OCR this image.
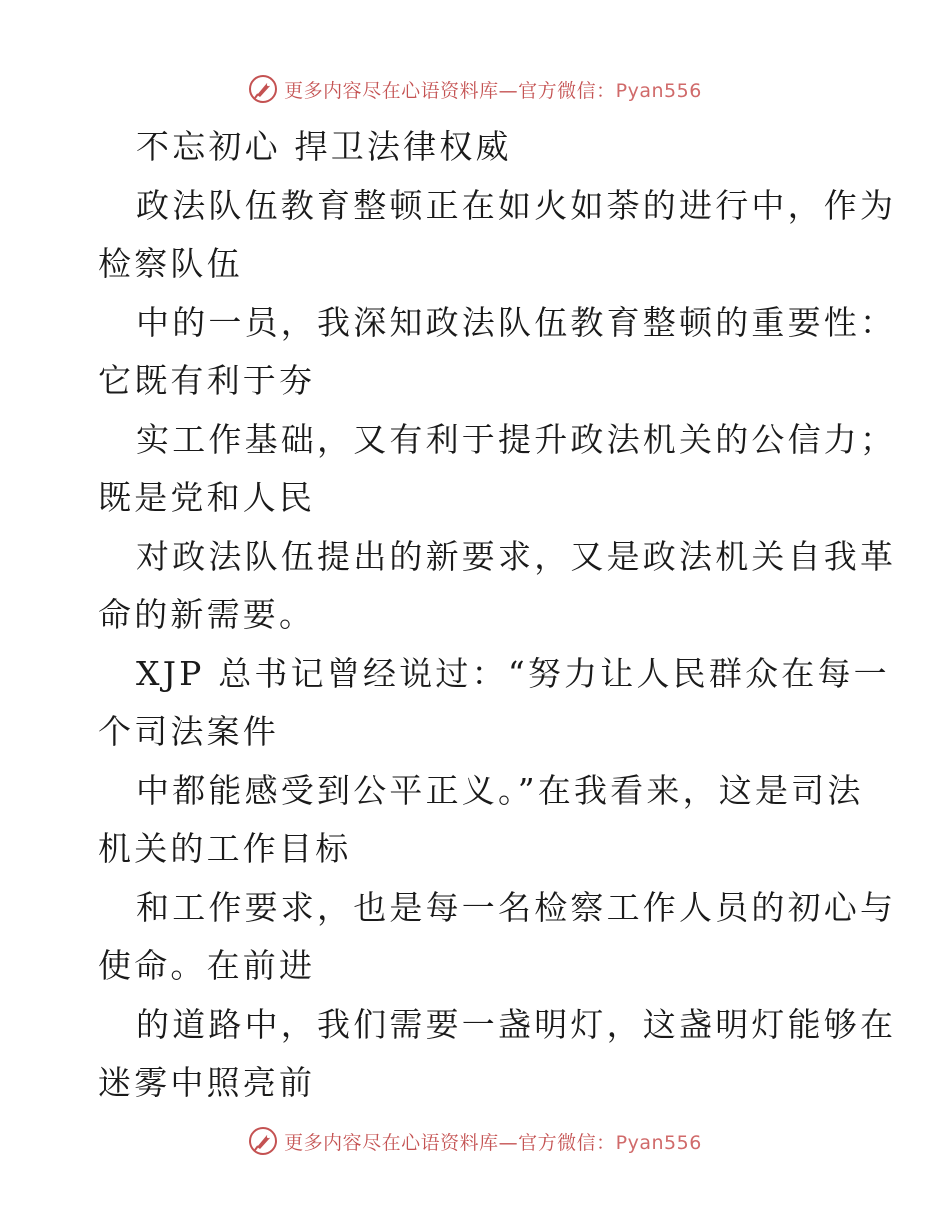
更多内容尽在心语资料库—官方微信：Pyan556
不忘初心 捍卫法律权威
政法队伍教育整顿正在如火如荼的进行中，作为
检察队伍
中的一员，我深知政法队伍教育整顿的重要性：
它既有利于夯
实工作基础，又有利于提升政法机关的公信力；
既是党和人民
对政法队伍提出的新要求，又是政法机关自我革
命的新需要。
XJP 总书记曾经说过：“努力让人民群众在每一
个司法案件
中都能感受到公平正义。”在我看来，这是司法
机关的工作目标
和工作要求，也是每一名检察工作人员的初心与
使命。在前进
的道路中，我们需要一盏明灯，这盏明灯能够在
迷雾中照亮前
更多内容尽在心语资料库—官方微信：Pyan556
